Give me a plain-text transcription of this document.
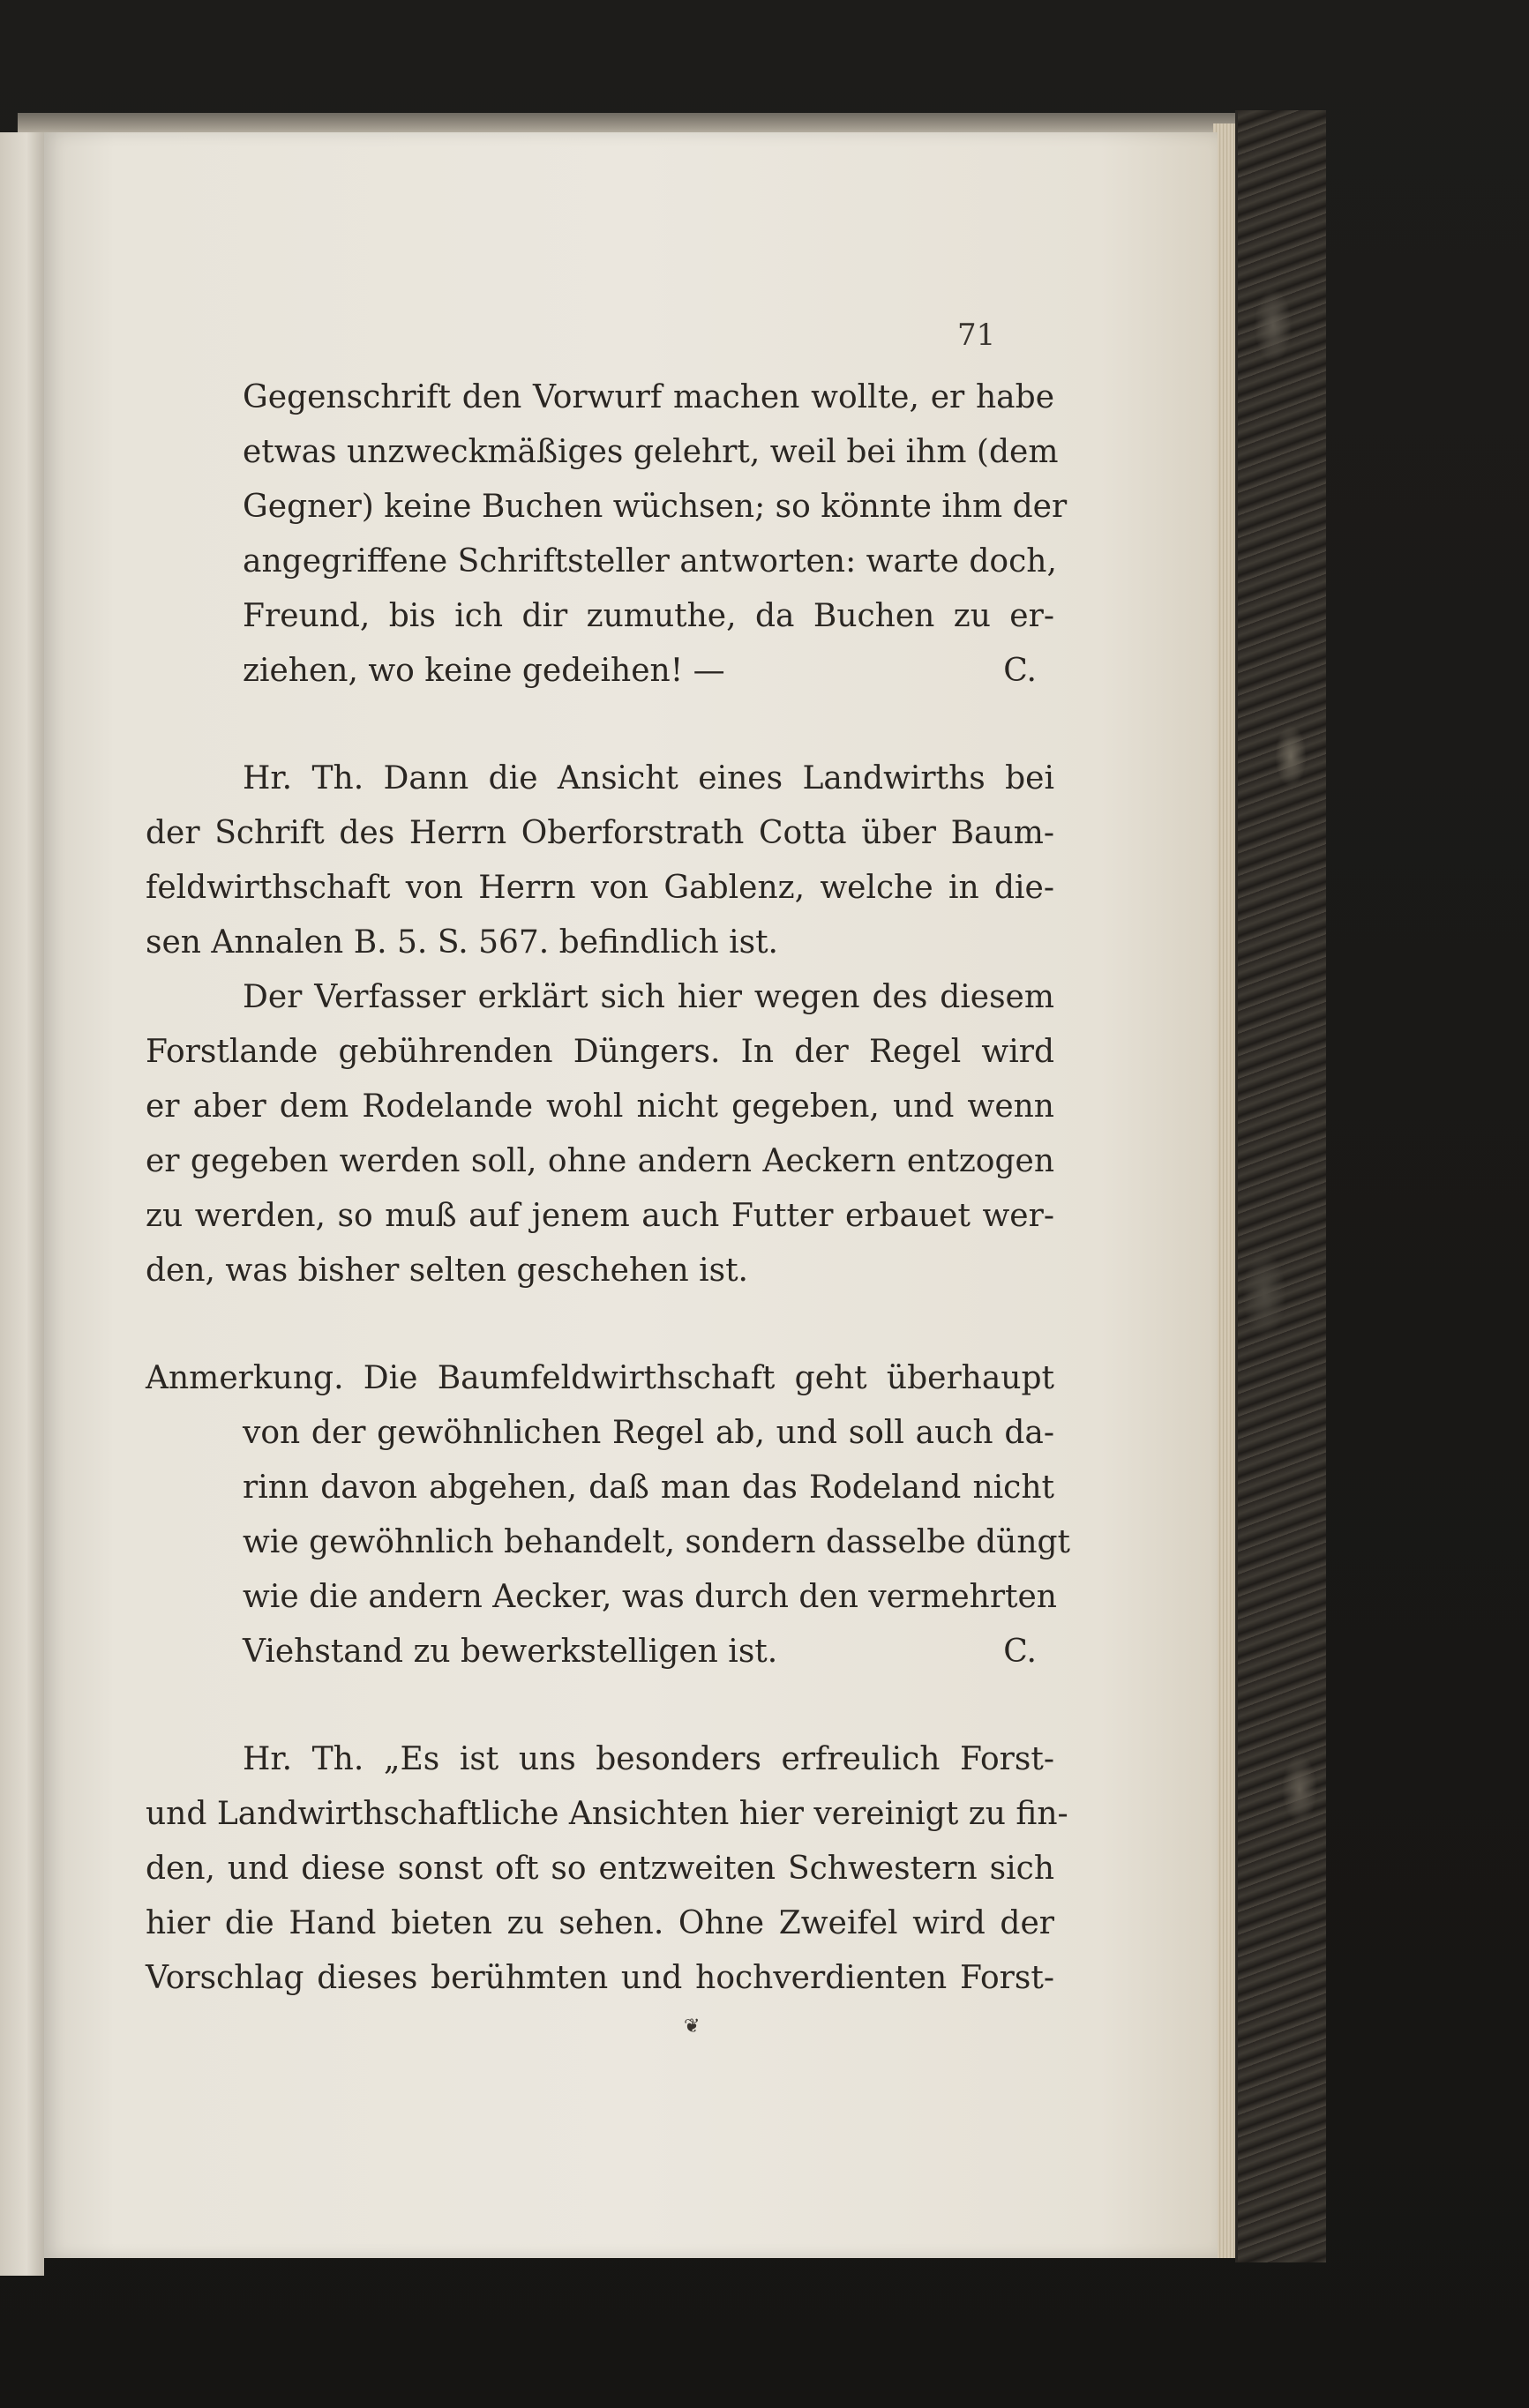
71
Gegenschrift den Vorwurf machen wollte, er habe
etwas unzweckmäßiges gelehrt, weil bei ihm (dem
Gegner) keine Buchen wüchsen; so könnte ihm der
angegriffene Schriftsteller antworten: warte doch,
Freund, bis ich dir zumuthe, da Buchen zu er-
ziehen, wo keine gedeihen! —	C.
Hr. Th. Dann die Ansicht eines Landwirths bei
der Schrift des Herrn Oberforstrath Cotta über Baum-
feldwirthschaft von Herrn von Gablenz, welche in die-
sen Annalen B. 5. S. 567. befindlich ist.
Der Verfasser erklärt sich hier wegen des diesem
Forstlande gebührenden Düngers. In der Regel wird
er aber dem Rodelande wohl nicht gegeben, und wenn
er gegeben werden soll, ohne andern Aeckern entzogen
zu werden, so muß auf jenem auch Futter erbauet wer-
den, was bisher selten geschehen ist.
Anmerkung. Die Baumfeldwirthschaft geht überhaupt
von der gewöhnlichen Regel ab, und soll auch da-
rinn davon abgehen, daß man das Rodeland nicht
wie gewöhnlich behandelt, sondern dasselbe düngt
wie die andern Aecker, was durch den vermehrten
Viehstand zu bewerkstelligen ist.	C.
Hr. Th. „Es ist uns besonders erfreulich Forst-
und Landwirthschaftliche Ansichten hier vereinigt zu fin-
den, und diese sonst oft so entzweiten Schwestern sich
hier die Hand bieten zu sehen. Ohne Zweifel wird der
Vorschlag dieses berühmten und hochverdienten Forst-
❦
